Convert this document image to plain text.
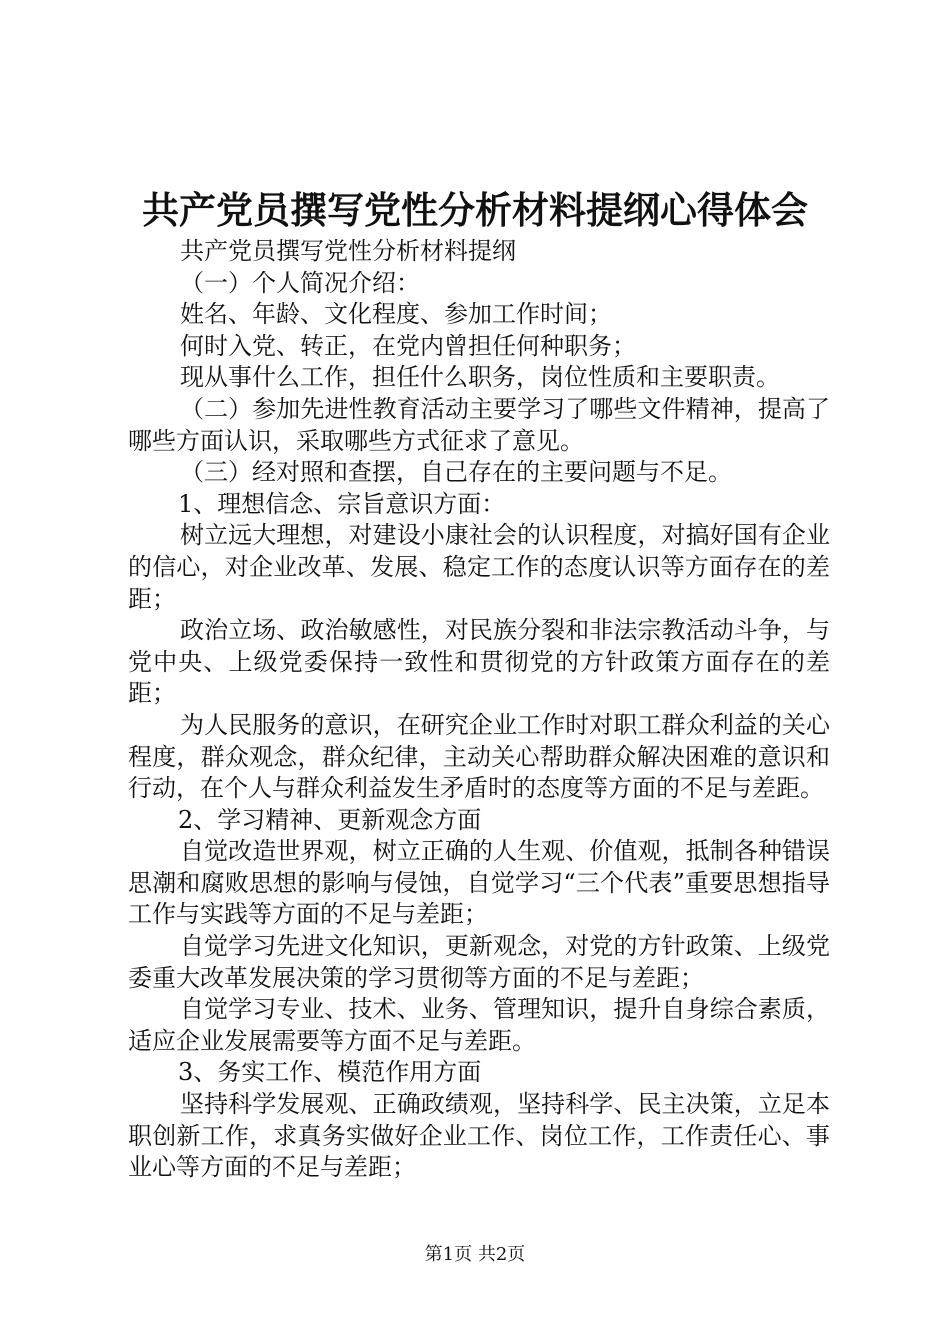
共产党员撰写党性分析材料提纲心得体会

共产党员撰写党性分析材料提纲

（一）个人简况介绍：

姓名、年龄、文化程度、参加工作时间；

何时入党、转正，在党内曾担任何种职务；

现从事什么工作，担任什么职务，岗位性质和主要职责。

（二）参加先进性教育活动主要学习了哪些文件精神，提高了哪些方面认识，采取哪些方式征求了意见。

（三）经对照和查摆，自己存在的主要问题与不足。

1、理想信念、宗旨意识方面：

树立远大理想，对建设小康社会的认识程度，对搞好国有企业的信心，对企业改革、发展、稳定工作的态度认识等方面存在的差距；

政治立场、政治敏感性，对民族分裂和非法宗教活动斗争，与党中央、上级党委保持一致性和贯彻党的方针政策方面存在的差距；

为人民服务的意识，在研究企业工作时对职工群众利益的关心程度，群众观念，群众纪律，主动关心帮助群众解决困难的意识和行动，在个人与群众利益发生矛盾时的态度等方面的不足与差距。

2、学习精神、更新观念方面

自觉改造世界观，树立正确的人生观、价值观，抵制各种错误思潮和腐败思想的影响与侵蚀，自觉学习“三个代表”重要思想指导工作与实践等方面的不足与差距；

自觉学习先进文化知识，更新观念，对党的方针政策、上级党委重大改革发展决策的学习贯彻等方面的不足与差距；

自觉学习专业、技术、业务、管理知识，提升自身综合素质，适应企业发展需要等方面不足与差距。

3、务实工作、模范作用方面

坚持科学发展观、正确政绩观，坚持科学、民主决策，立足本职创新工作，求真务实做好企业工作、岗位工作，工作责任心、事业心等方面的不足与差距；

第1页 共2页
